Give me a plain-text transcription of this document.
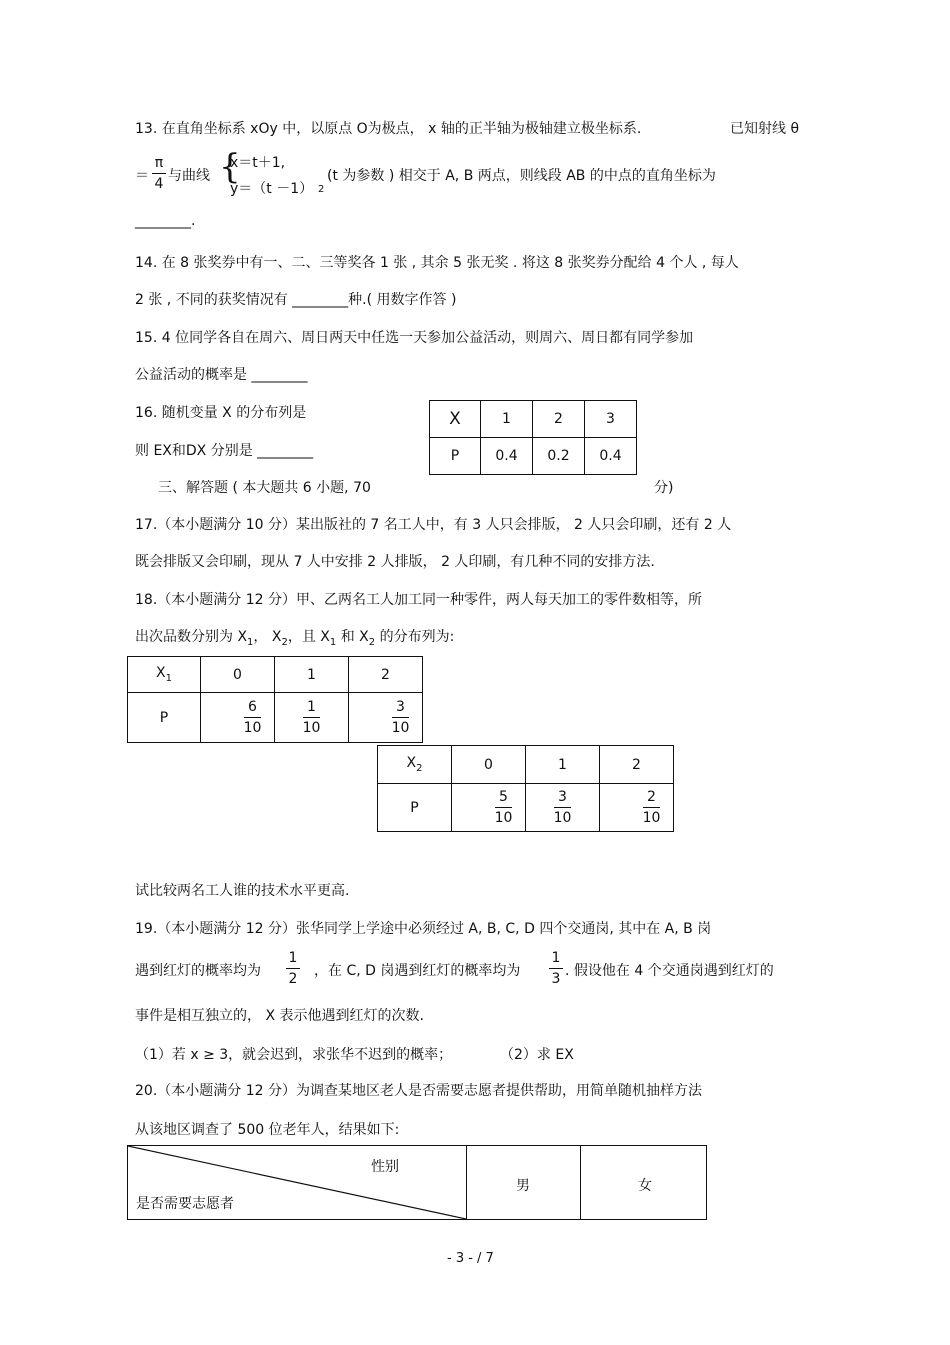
13. 在直角坐标系 xOy 中，以原点 O为极点， x 轴的正半轴为极轴建立极坐标系.	已知射线 θ
＝
π
4 与曲线 {
x＝t＋1,
y＝（t －1） 2
(t 为参数 ) 相交于 A, B 两点，则线段 AB 的中点的直角坐标为
________.
14. 在 8 张奖券中有一、二、三等奖各 1 张 , 其余 5 张无奖 . 将这 8 张奖券分配给 4 个人 , 每人
2 张 , 不同的获奖情况有 ________种.( 用数字作答 )
15. 4 位同学各自在周六、周日两天中任选一天参加公益活动，则周六、周日都有同学参加
公益活动的概率是 ________
16. 随机变量 X 的分布列是
则 EX和DX 分别是 ________
X	1	2	3
P	0.4	0.2	0.4
三、解答题 ( 本大题共 6 小题, 70	分)
17.（本小题满分 10 分）某出版社的 7 名工人中，有 3 人只会排版， 2 人只会印刷，还有 2 人
既会排版又会印刷，现从 7 人中安排 2 人排版， 2 人印刷，有几种不同的安排方法.
18.（本小题满分 12 分）甲、乙两名工人加工同一种零件，两人每天加工的零件数相等，所
出次品数分别为 $X_1$， $X_2$，且 $X_1$ 和 $X_2$ 的分布列为:
$X_1$	0	1	2
P	$\frac{6}{10}$	$\frac{1}{10}$	$\frac{3}{10}$
$X_2$	0	1	2
P	$\frac{5}{10}$	$\frac{3}{10}$	$\frac{2}{10}$
试比较两名工人谁的技术水平更高.
19.（本小题满分 12 分）张华同学上学途中必须经过 A, B, C, D 四个交通岗, 其中在 A, B 岗
遇到红灯的概率均为
1
2 ，在 C, D 岗遇到红灯的概率均为
1
3 . 假设他在 4 个交通岗遇到红灯的
事件是相互独立的， X 表示他遇到红灯的次数.
（1）若 x ≥ 3，就会迟到，求张华不迟到的概率；	（2）求 EX
20.（本小题满分 12 分）为调查某地区老人是否需要志愿者提供帮助，用简单随机抽样方法
从该地区调查了 500 位老年人，结果如下:
性别
是否需要志愿者
男	女
- 3 - / 7
